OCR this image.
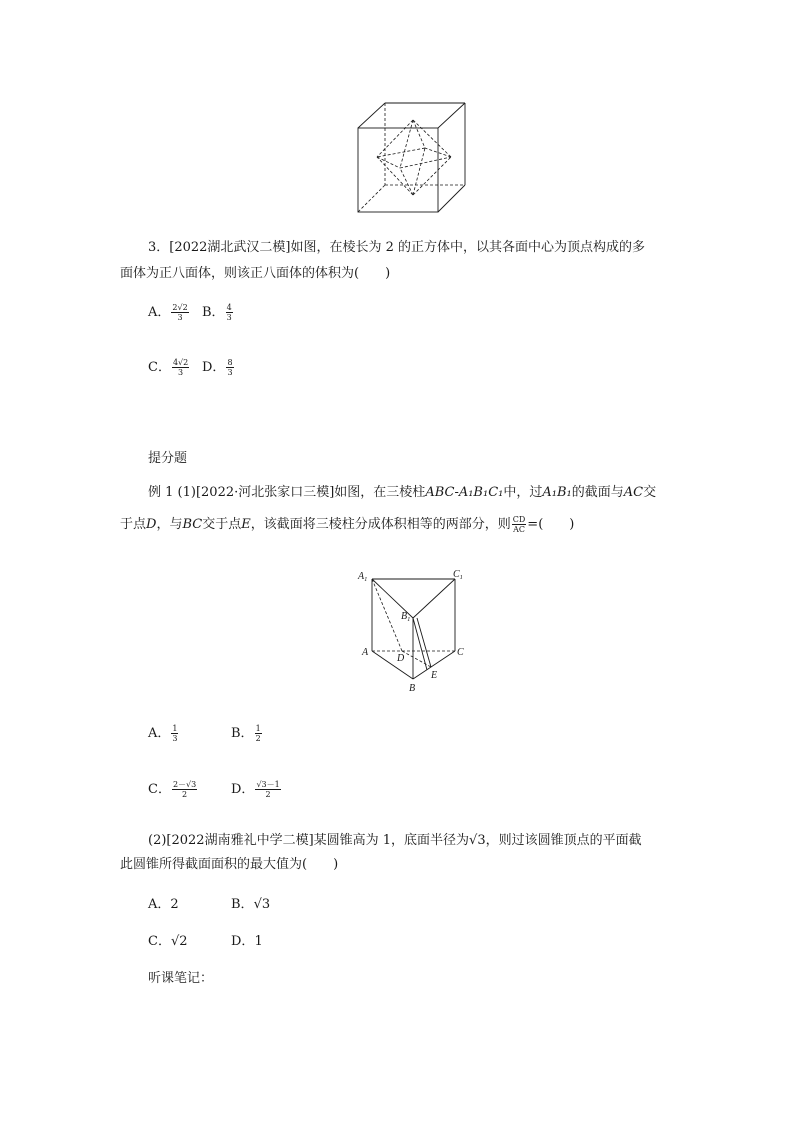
3．[2022湖北武汉二模]如图，在棱长为 2 的正方体中，以其各面中心为顶点构成的多
面体为正八面体，则该正八面体的体积为(　　)
A． $\frac{2√2}{3}$ B． $\frac{4}{3}$
C． $\frac{4√2}{3}$ D． $\frac{8}{3}$
提分题
例 1 (1)[2022·河北张家口三模]如图，在三棱柱ABC-A₁B₁C₁中，过A₁B₁的截面与AC交
于点D，与BC交于点E，该截面将三棱柱分成体积相等的两部分，则 $\frac{CD}{AC}$ =(　　)
$A_1$	$C_1$
$B_1$
A
D
C
E
B
A． $\frac{1}{3}$	B． $\frac{1}{2}$
C． $\frac{2-√3}{2}$	D． $\frac{√3-1}{2}$
(2)[2022湖南雅礼中学二模]某圆锥高为 1，底面半径为√3，则过该圆锥顶点的平面截
此圆锥所得截面面积的最大值为(　　)
A．2	B．√3
C．√2	D．1
听课笔记：
